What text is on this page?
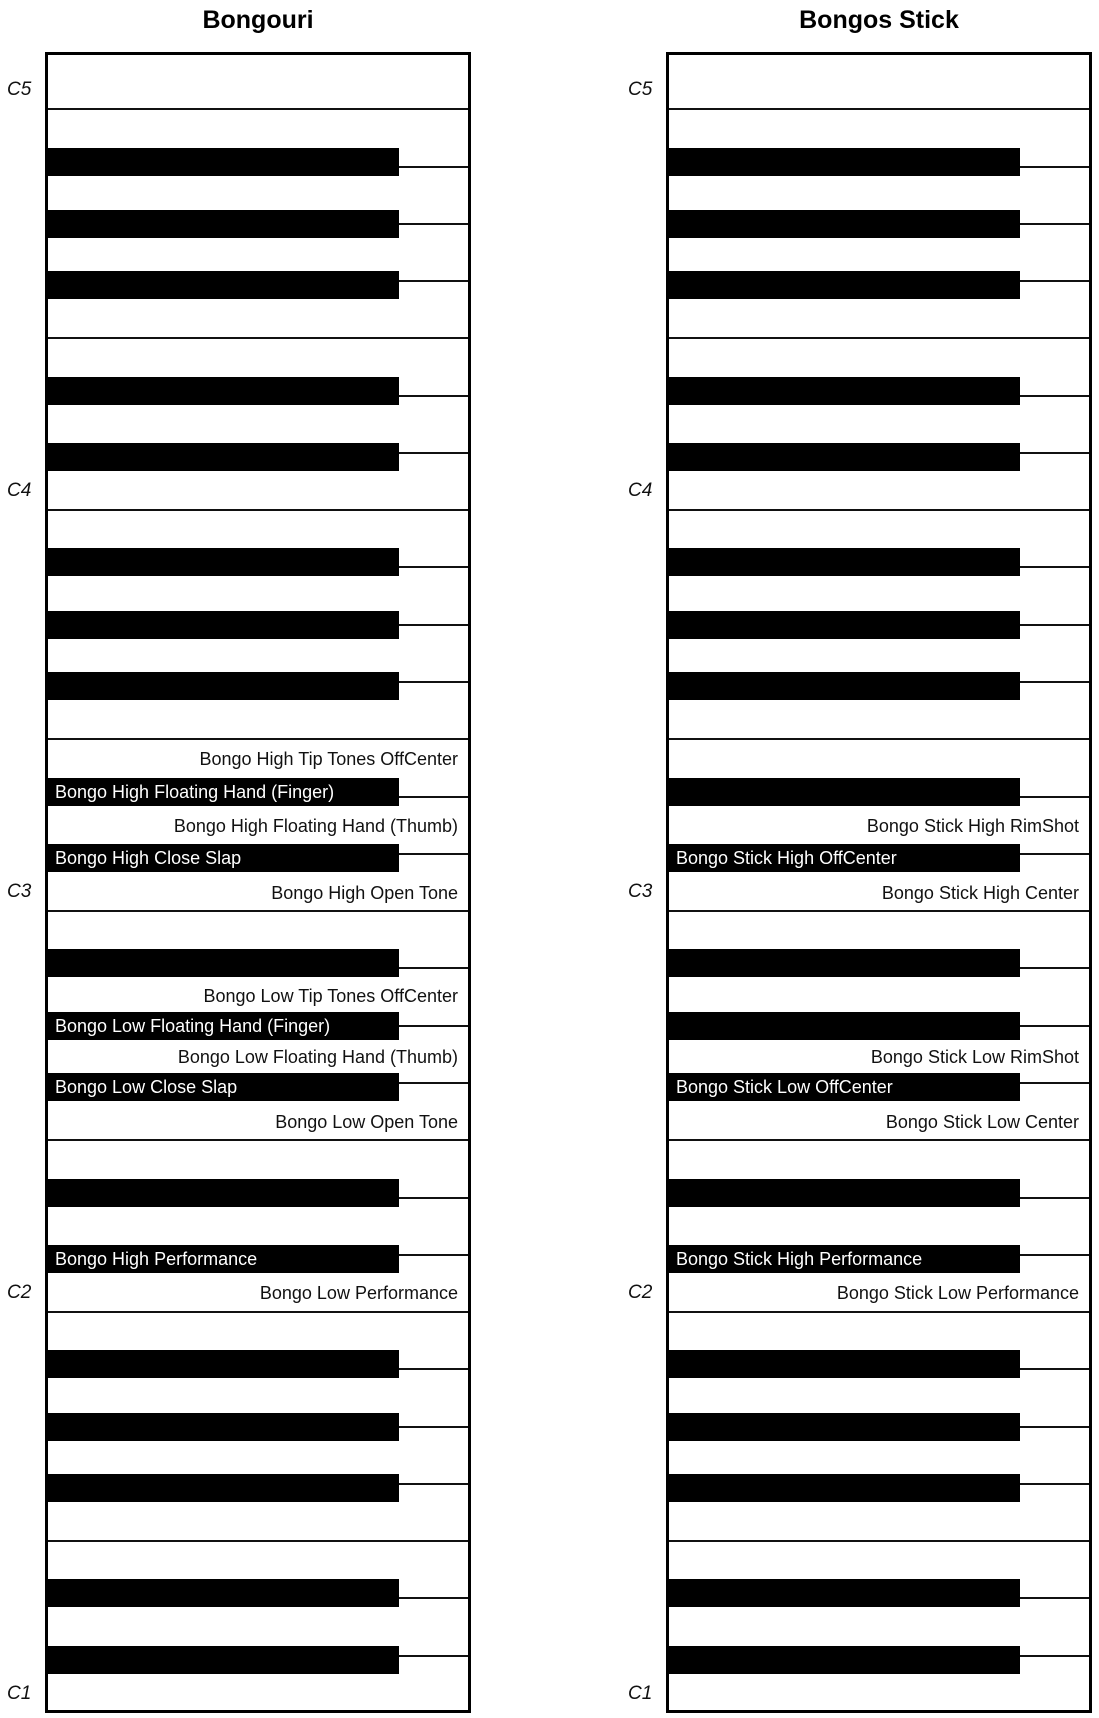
Bongouri
Bongo High Tip Tones OffCenter
Bongo High Floating Hand (Thumb)
Bongo High Open Tone
Bongo Low Tip Tones OffCenter
Bongo Low Floating Hand (Thumb)
Bongo Low Open Tone
Bongo Low Performance
Bongo High Floating Hand (Finger)
Bongo High Close Slap
Bongo Low Floating Hand (Finger)
Bongo Low Close Slap
Bongo High Performance
C5
C4
C3
C2
C1
Bongos Stick
Bongo Stick High RimShot
Bongo Stick High Center
Bongo Stick Low RimShot
Bongo Stick Low Center
Bongo Stick Low Performance
Bongo Stick High OffCenter
Bongo Stick Low OffCenter
Bongo Stick High Performance
C5
C4
C3
C2
C1
